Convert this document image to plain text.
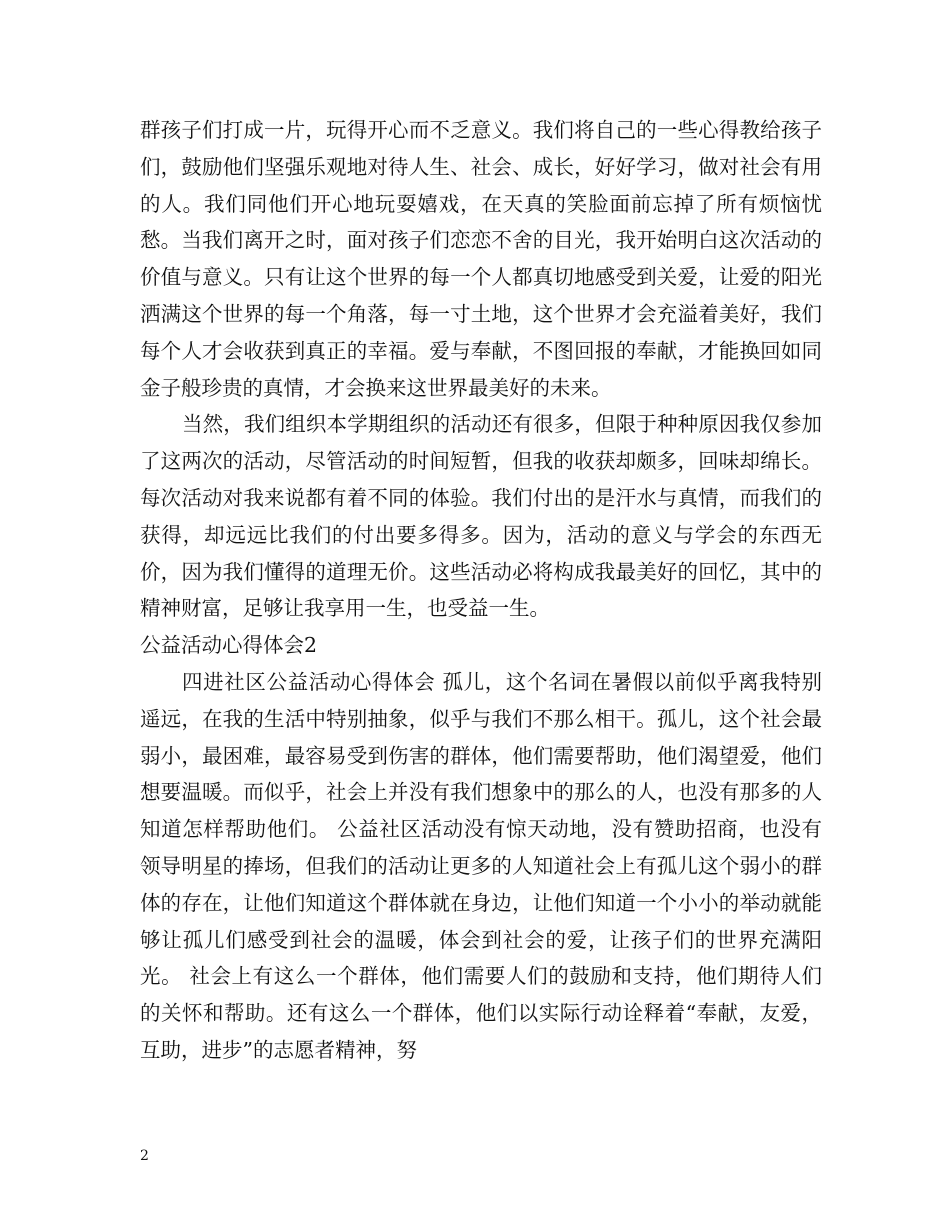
群孩子们打成一片，玩得开心而不乏意义。我们将自己的一些心得教给孩子们，鼓励他们坚强乐观地对待人生、社会、成长，好好学习，做对社会有用的人。我们同他们开心地玩耍嬉戏，在天真的笑脸面前忘掉了所有烦恼忧愁。当我们离开之时，面对孩子们恋恋不舍的目光，我开始明白这次活动的价值与意义。只有让这个世界的每一个人都真切地感受到关爱，让爱的阳光洒满这个世界的每一个角落，每一寸土地，这个世界才会充溢着美好，我们每个人才会收获到真正的幸福。爱与奉献，不图回报的奉献，才能换回如同金子般珍贵的真情，才会换来这世界最美好的未来。

当然，我们组织本学期组织的活动还有很多，但限于种种原因我仅参加了这两次的活动，尽管活动的时间短暂，但我的收获却颇多，回味却绵长。每次活动对我来说都有着不同的体验。我们付出的是汗水与真情，而我们的获得，却远远比我们的付出要多得多。因为，活动的意义与学会的东西无价，因为我们懂得的道理无价。这些活动必将构成我最美好的回忆，其中的精神财富，足够让我享用一生，也受益一生。

公益活动心得体会2

四进社区公益活动心得体会 孤儿，这个名词在暑假以前似乎离我特别遥远，在我的生活中特别抽象，似乎与我们不那么相干。孤儿，这个社会最弱小，最困难，最容易受到伤害的群体，他们需要帮助，他们渴望爱，他们想要温暖。而似乎，社会上并没有我们想象中的那么的人，也没有那多的人知道怎样帮助他们。 公益社区活动没有惊天动地，没有赞助招商，也没有领导明星的捧场，但我们的活动让更多的人知道社会上有孤儿这个弱小的群体的存在，让他们知道这个群体就在身边，让他们知道一个小小的举动就能够让孤儿们感受到社会的温暖，体会到社会的爱，让孩子们的世界充满阳光。 社会上有这么一个群体，他们需要人们的鼓励和支持，他们期待人们的关怀和帮助。还有这么一个群体，他们以实际行动诠释着“奉献，友爱，互助，进步”的志愿者精神，努

2
